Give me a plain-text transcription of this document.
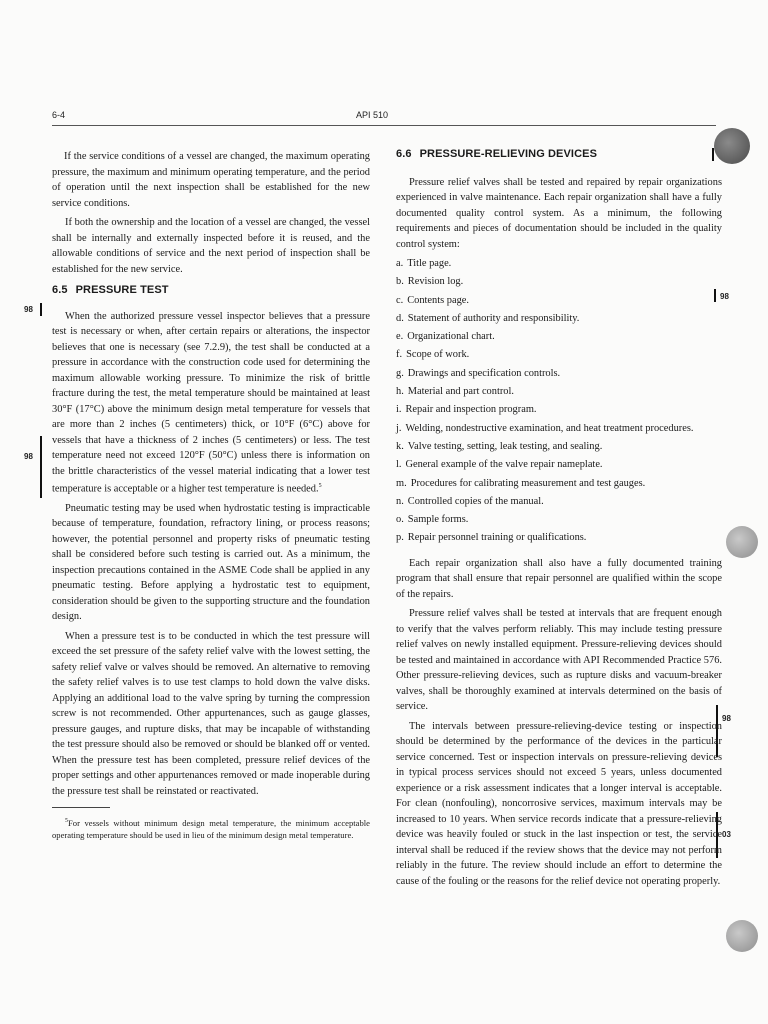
6-4	API 510
98
98
98
98
03

If the service conditions of a vessel are changed, the maximum operating pressure, the maximum and minimum operating temperature, and the period of operation until the next inspection shall be established for the new service conditions.

If both the ownership and the location of a vessel are changed, the vessel shall be internally and externally inspected before it is reused, and the allowable conditions of service and the next period of inspection shall be established for the new service.

6.5 PRESSURE TEST

When the authorized pressure vessel inspector believes that a pressure test is necessary or when, after certain repairs or alterations, the inspector believes that one is necessary (see 7.2.9), the test shall be conducted at a pressure in accordance with the construction code used for determining the maximum allowable working pressure. To minimize the risk of brittle fracture during the test, the metal temperature should be maintained at least 30°F (17°C) above the minimum design metal temperature for vessels that are more than 2 inches (5 centimeters) thick, or 10°F (6°C) above for vessels that have a thickness of 2 inches (5 centimeters) or less. The test temperature need not exceed 120°F (50°C) unless there is information on the brittle characteristics of the vessel material indicating that a lower test temperature is acceptable or a higher test temperature is needed.$^5$

Pneumatic testing may be used when hydrostatic testing is impracticable because of temperature, foundation, refractory lining, or process reasons; however, the potential personnel and property risks of pneumatic testing shall be considered before such testing is carried out. As a minimum, the inspection precautions contained in the ASME Code shall be applied in any pneumatic testing. Before applying a hydrostatic test to equipment, consideration should be given to the supporting structure and the foundation design.

When a pressure test is to be conducted in which the test pressure will exceed the set pressure of the safety relief valve with the lowest setting, the safety relief valve or valves should be removed. An alternative to removing the safety relief valves is to use test clamps to hold down the valve disks. Applying an additional load to the valve spring by turning the compression screw is not recommended. Other appurtenances, such as gauge glasses, pressure gauges, and rupture disks, that may be incapable of withstanding the test pressure should also be removed or should be blanked off or vented. When the pressure test has been completed, pressure relief devices of the proper settings and other appurtenances removed or made inoperable during the pressure test shall be reinstated or reactivated.

$^5$For vessels without minimum design metal temperature, the minimum acceptable operating temperature should be used in lieu of the minimum design metal temperature.

6.6 PRESSURE-RELIEVING DEVICES

Pressure relief valves shall be tested and repaired by repair organizations experienced in valve maintenance. Each repair organization shall have a fully documented quality control system. As a minimum, the following requirements and pieces of documentation should be included in the quality control system:

a. Title page.
b. Revision log.
c. Contents page.
d. Statement of authority and responsibility.
e. Organizational chart.
f. Scope of work.
g. Drawings and specification controls.
h. Material and part control.
i. Repair and inspection program.
j. Welding, nondestructive examination, and heat treatment procedures.
k. Valve testing, setting, leak testing, and sealing.
l. General example of the valve repair nameplate.
m. Procedures for calibrating measurement and test gauges.
n. Controlled copies of the manual.
o. Sample forms.
p. Repair personnel training or qualifications.

Each repair organization shall also have a fully documented training program that shall ensure that repair personnel are qualified within the scope of the repairs.

Pressure relief valves shall be tested at intervals that are frequent enough to verify that the valves perform reliably. This may include testing pressure relief valves on newly installed equipment. Pressure-relieving devices should be tested and maintained in accordance with API Recommended Practice 576. Other pressure-relieving devices, such as rupture disks and vacuum-breaker valves, shall be thoroughly examined at intervals determined on the basis of service.

The intervals between pressure-relieving-device testing or inspection should be determined by the performance of the devices in the particular service concerned. Test or inspection intervals on pressure-relieving devices in typical process services should not exceed 5 years, unless documented experience or a risk assessment indicates that a longer interval is acceptable. For clean (nonfouling), noncorrosive services, maximum intervals may be increased to 10 years. When service records indicate that a pressure-relieving device was heavily fouled or stuck in the last inspection or test, the service interval shall be reduced if the review shows that the device may not perform reliably in the future. The review should include an effort to determine the cause of the fouling or the reasons for the relief device not operating properly.
